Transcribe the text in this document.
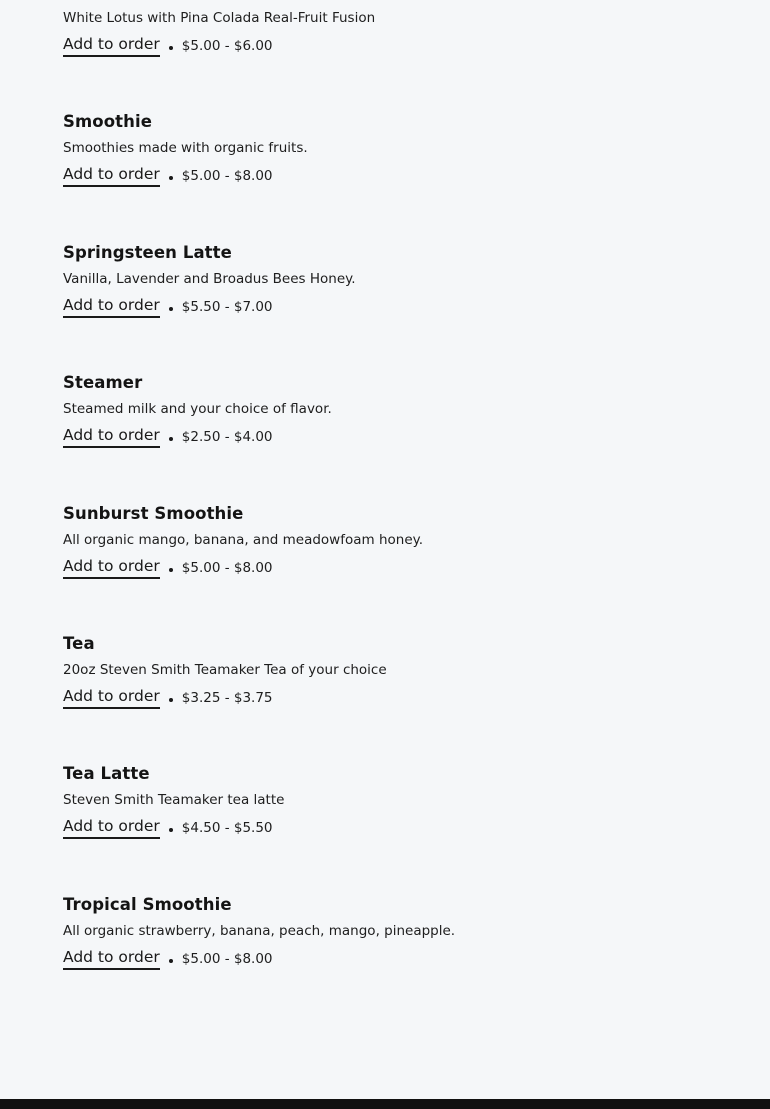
White Lotus with Pina Colada Real-Fruit Fusion
Add to order $5.00 - $6.00
Smoothie
Smoothies made with organic fruits.
Add to order $5.00 - $8.00
Springsteen Latte
Vanilla, Lavender and Broadus Bees Honey.
Add to order $5.50 - $7.00
Steamer
Steamed milk and your choice of flavor.
Add to order $2.50 - $4.00
Sunburst Smoothie
All organic mango, banana, and meadowfoam honey.
Add to order $5.00 - $8.00
Tea
20oz Steven Smith Teamaker Tea of your choice
Add to order $3.25 - $3.75
Tea Latte
Steven Smith Teamaker tea latte
Add to order $4.50 - $5.50
Tropical Smoothie
All organic strawberry, banana, peach, mango, pineapple.
Add to order $5.00 - $8.00
